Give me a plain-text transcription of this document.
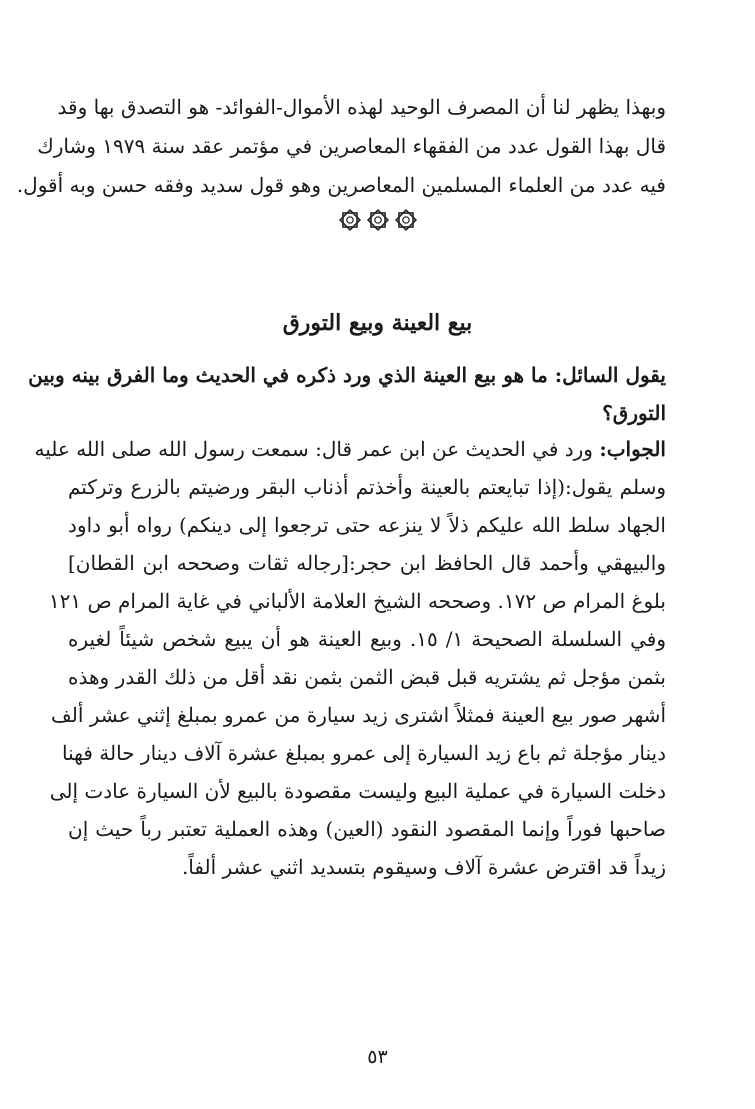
وبهذا يظهر لنا أن المصرف الوحيد لهذه الأموال-الفوائد- هو التصدق بها وقد
قال بهذا القول عدد من الفقهاء المعاصرين في مؤتمر عقد سنة ١٩٧٩ وشارك
فيه عدد من العلماء المسلمين المعاصرين وهو قول سديد وفقه حسن وبه أقول.
بيع العينة وبيع التورق
يقول السائل: ما هو بيع العينة الذي ورد ذكره في الحديث وما الفرق بينه وبين
التورق؟
الجواب: ورد في الحديث عن ابن عمر قال: سمعت رسول الله صلى الله عليه
وسلم يقول:(إذا تبايعتم بالعينة وأخذتم أذناب البقر ورضيتم بالزرع وتركتم
الجهاد سلط الله عليكم ذلاً لا ينزعه حتى ترجعوا إلى دينكم) رواه أبو داود
والبيهقي وأحمد قال الحافظ ابن حجر:[رجاله ثقات وصححه ابن القطان]
بلوغ المرام ص ١٧٢. وصححه الشيخ العلامة الألباني في غاية المرام ص ١٢١
وفي السلسلة الصحيحة ١/ ١٥. وبيع العينة هو أن يبيع شخص شيئاً لغيره
بثمن مؤجل ثم يشتريه قبل قبض الثمن بثمن نقد أقل من ذلك القدر وهذه
أشهر صور بيع العينة فمثلاً اشترى زيد سيارة من عمرو بمبلغ إثني عشر ألف
دينار مؤجلة ثم باع زيد السيارة إلى عمرو بمبلغ عشرة آلاف دينار حالة فهنا
دخلت السيارة في عملية البيع وليست مقصودة بالبيع لأن السيارة عادت إلى
صاحبها فوراً وإنما المقصود النقود (العين) وهذه العملية تعتبر رباً حيث إن
زيداً قد اقترض عشرة آلاف وسيقوم بتسديد اثني عشر ألفاً.
٥٣
